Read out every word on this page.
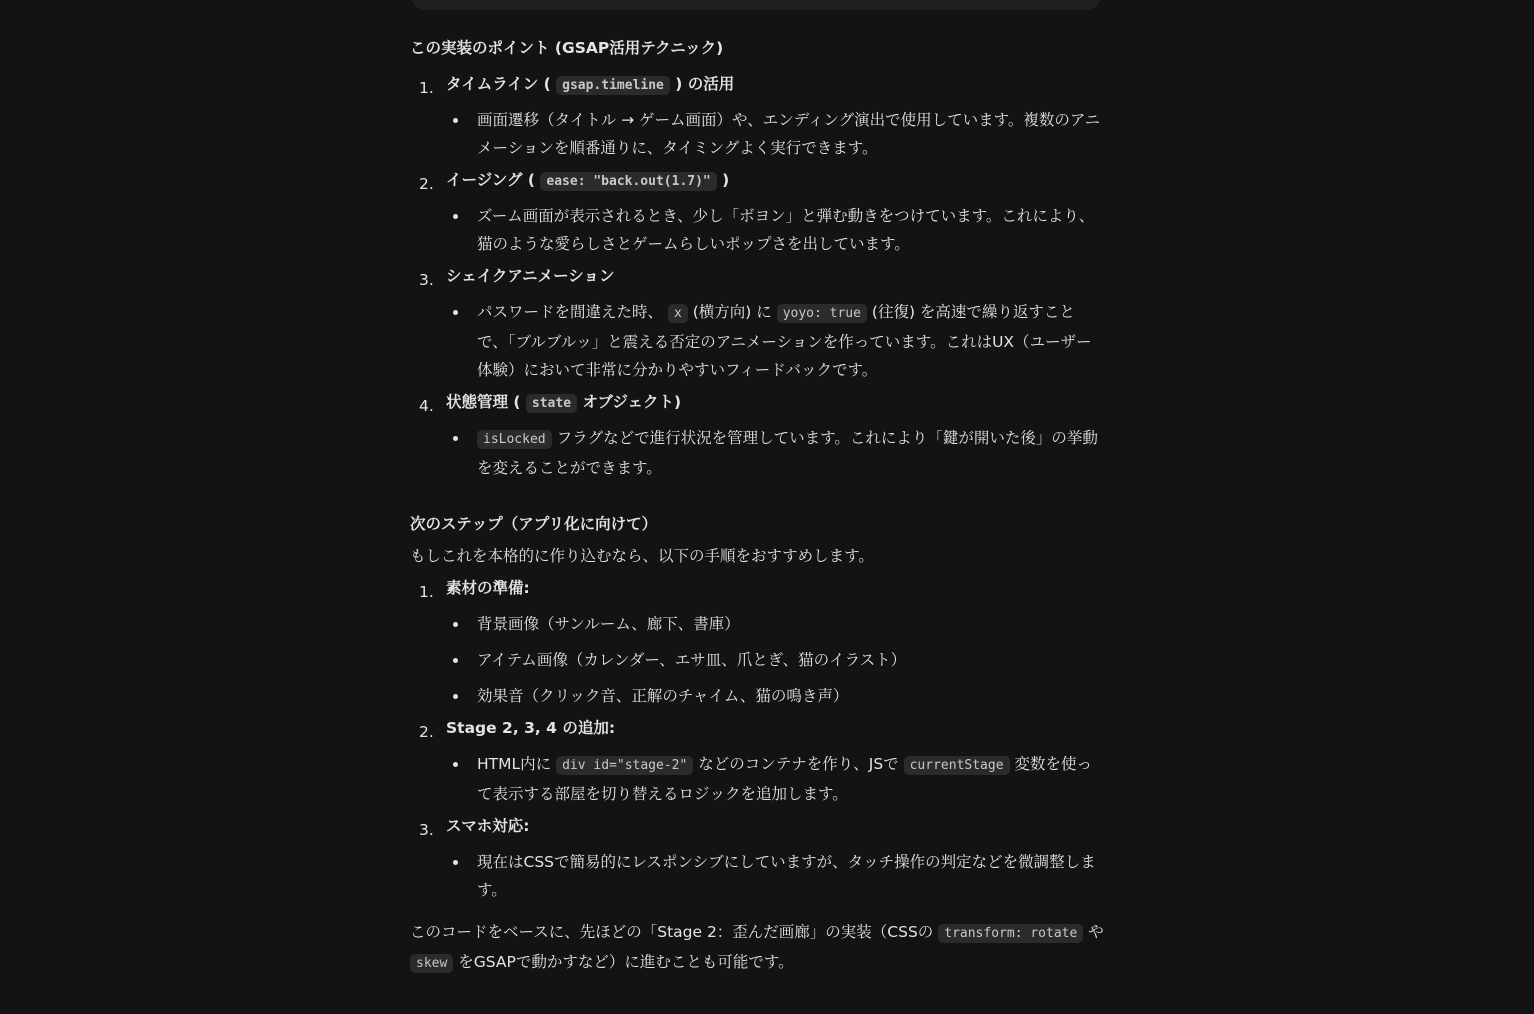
この実装のポイント (GSAP活用テクニック)

1. タイムライン ( gsap.timeline ) の活用
画面遷移（タイトル → ゲーム画面）や、エンディング演出で使用しています。複数のアニメーションを順番通りに、タイミングよく実行できます。
2. イージング ( ease: "back.out(1.7)" )
ズーム画面が表示されるとき、少し「ボヨン」と弾む動きをつけています。これにより、猫のような愛らしさとゲームらしいポップさを出しています。
3. シェイクアニメーション
パスワードを間違えた時、 x (横方向) に yoyo: true (往復) を高速で繰り返すことで、「ブルブルッ」と震える否定のアニメーションを作っています。これはUX（ユーザー体験）において非常に分かりやすいフィードバックです。
4. 状態管理 ( state オブジェクト)
isLocked フラグなどで進行状況を管理しています。これにより「鍵が開いた後」の挙動を変えることができます。

次のステップ（アプリ化に向けて）

もしこれを本格的に作り込むなら、以下の手順をおすすめします。

1. 素材の準備:
背景画像（サンルーム、廊下、書庫）
アイテム画像（カレンダー、エサ皿、爪とぎ、猫のイラスト）
効果音（クリック音、正解のチャイム、猫の鳴き声）
2. Stage 2, 3, 4 の追加:
HTML内に div id="stage-2" などのコンテナを作り、JSで currentStage 変数を使って表示する部屋を切り替えるロジックを追加します。
3. スマホ対応:
現在はCSSで簡易的にレスポンシブにしていますが、タッチ操作の判定などを微調整します。

このコードをベースに、先ほどの「Stage 2：歪んだ画廊」の実装（CSSの transform: rotate や skew をGSAPで動かすなど）に進むことも可能です。
